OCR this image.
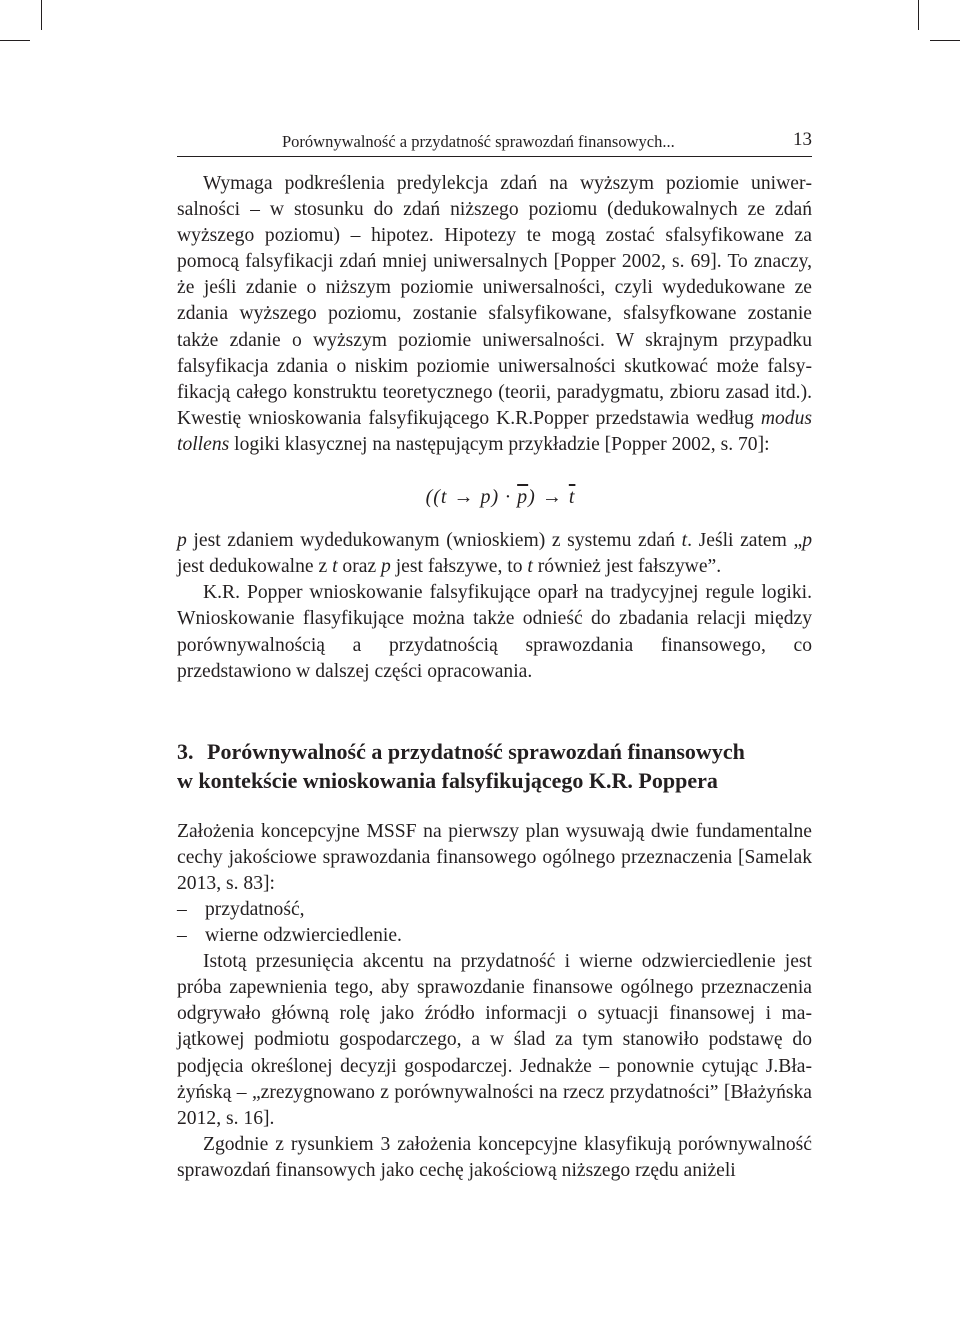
Porównywalność a przydatność sprawozdań finansowych...	13

Wymaga podkreślenia predylekcja zdań na wyższym poziomie uniwersalności – w stosunku do zdań niższego poziomu (dedukowalnych ze zdań wyższego poziomu) – hipotez. Hipotezy te mogą zostać sfalsyfikowane za pomocą falsyfikacji zdań mniej uniwersalnych [Popper 2002, s. 69]. To znaczy, że jeśli zdanie o niższym poziomie uniwersalności, czyli wydedukowane ze zdania wyższego poziomu, zostanie sfalsyfikowane, sfalsyfkowane zostanie także zdanie o wyższym poziomie uniwersalności. W skrajnym przypadku falsyfikacja zdania o niskim poziomie uniwersalności skutkować może falsyfikacją całego konstruktu teoretycznego (teorii, paradygmatu, zbioru zasad itd.). Kwestię wnioskowania falsyfikującego K.R.Popper przedstawia według modus tollens logiki klasycznej na następującym przykładzie [Popper 2002, s. 70]:

$((t \to p) \cdot \overline{p}) \to \overline{t}$

p jest zdaniem wydedukowanym (wnioskiem) z systemu zdań t. Jeśli zatem „p jest dedukowalne z t oraz p jest fałszywe, to t również jest fałszywe”.

K.R. Popper wnioskowanie falsyfikujące oparł na tradycyjnej regule logiki. Wnioskowanie flasyfikujące można także odnieść do zbadania relacji między porównywalnością a przydatnością sprawozdania finansowego, co przedstawiono w dalszej części opracowania.

3. Porównywalność a przydatność sprawozdań finansowych
w kontekście wnioskowania falsyfikującego K.R. Poppera

Założenia koncepcyjne MSSF na pierwszy plan wysuwają dwie fundamentalne cechy jakościowe sprawozdania finansowego ogólnego przeznaczenia [Samelak 2013, s. 83]:

– przydatność,
– wierne odzwierciedlenie.

Istotą przesunięcia akcentu na przydatność i wierne odzwierciedlenie jest próba zapewnienia tego, aby sprawozdanie finansowe ogólnego przeznaczenia odgrywało główną rolę jako źródło informacji o sytuacji finansowej i majątkowej podmiotu gospodarczego, a w ślad za tym stanowiło podstawę do podjęcia określonej decyzji gospodarczej. Jednakże – ponownie cytując J.Błażyńską – „zrezygnowano z porównywalności na rzecz przydatności” [Błażyńska 2012, s. 16].

Zgodnie z rysunkiem 3 założenia koncepcyjne klasyfikują porównywalność sprawozdań finansowych jako cechę jakościową niższego rzędu aniżeli
